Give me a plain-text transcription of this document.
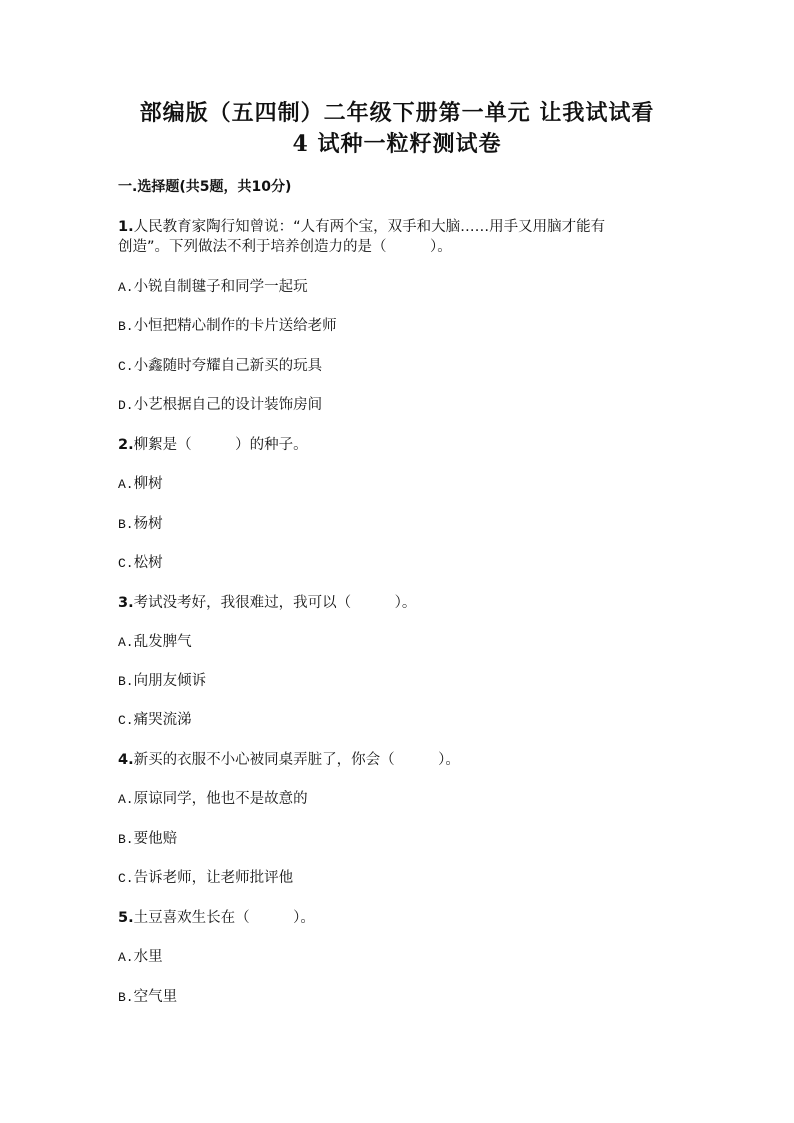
部编版（五四制）二年级下册第一单元 让我试试看
4 试种一粒籽测试卷
一.选择题(共5题，共10分)
1.人民教育家陶行知曾说：“人有两个宝，双手和大脑……用手又用脑才能有
创造”。下列做法不利于培养创造力的是（　　　）。
A.小锐自制毽子和同学一起玩
B.小恒把精心制作的卡片送给老师
C.小鑫随时夸耀自己新买的玩具
D.小艺根据自己的设计装饰房间
2.柳絮是（　　　）的种子。
A.柳树
B.杨树
C.松树
3.考试没考好，我很难过，我可以（　　　）。
A.乱发脾气
B.向朋友倾诉
C.痛哭流涕
4.新买的衣服不小心被同桌弄脏了，你会（　　　）。
A.原谅同学，他也不是故意的
B.要他赔
C.告诉老师，让老师批评他
5.土豆喜欢生长在（　　　）。
A.水里
B.空气里
